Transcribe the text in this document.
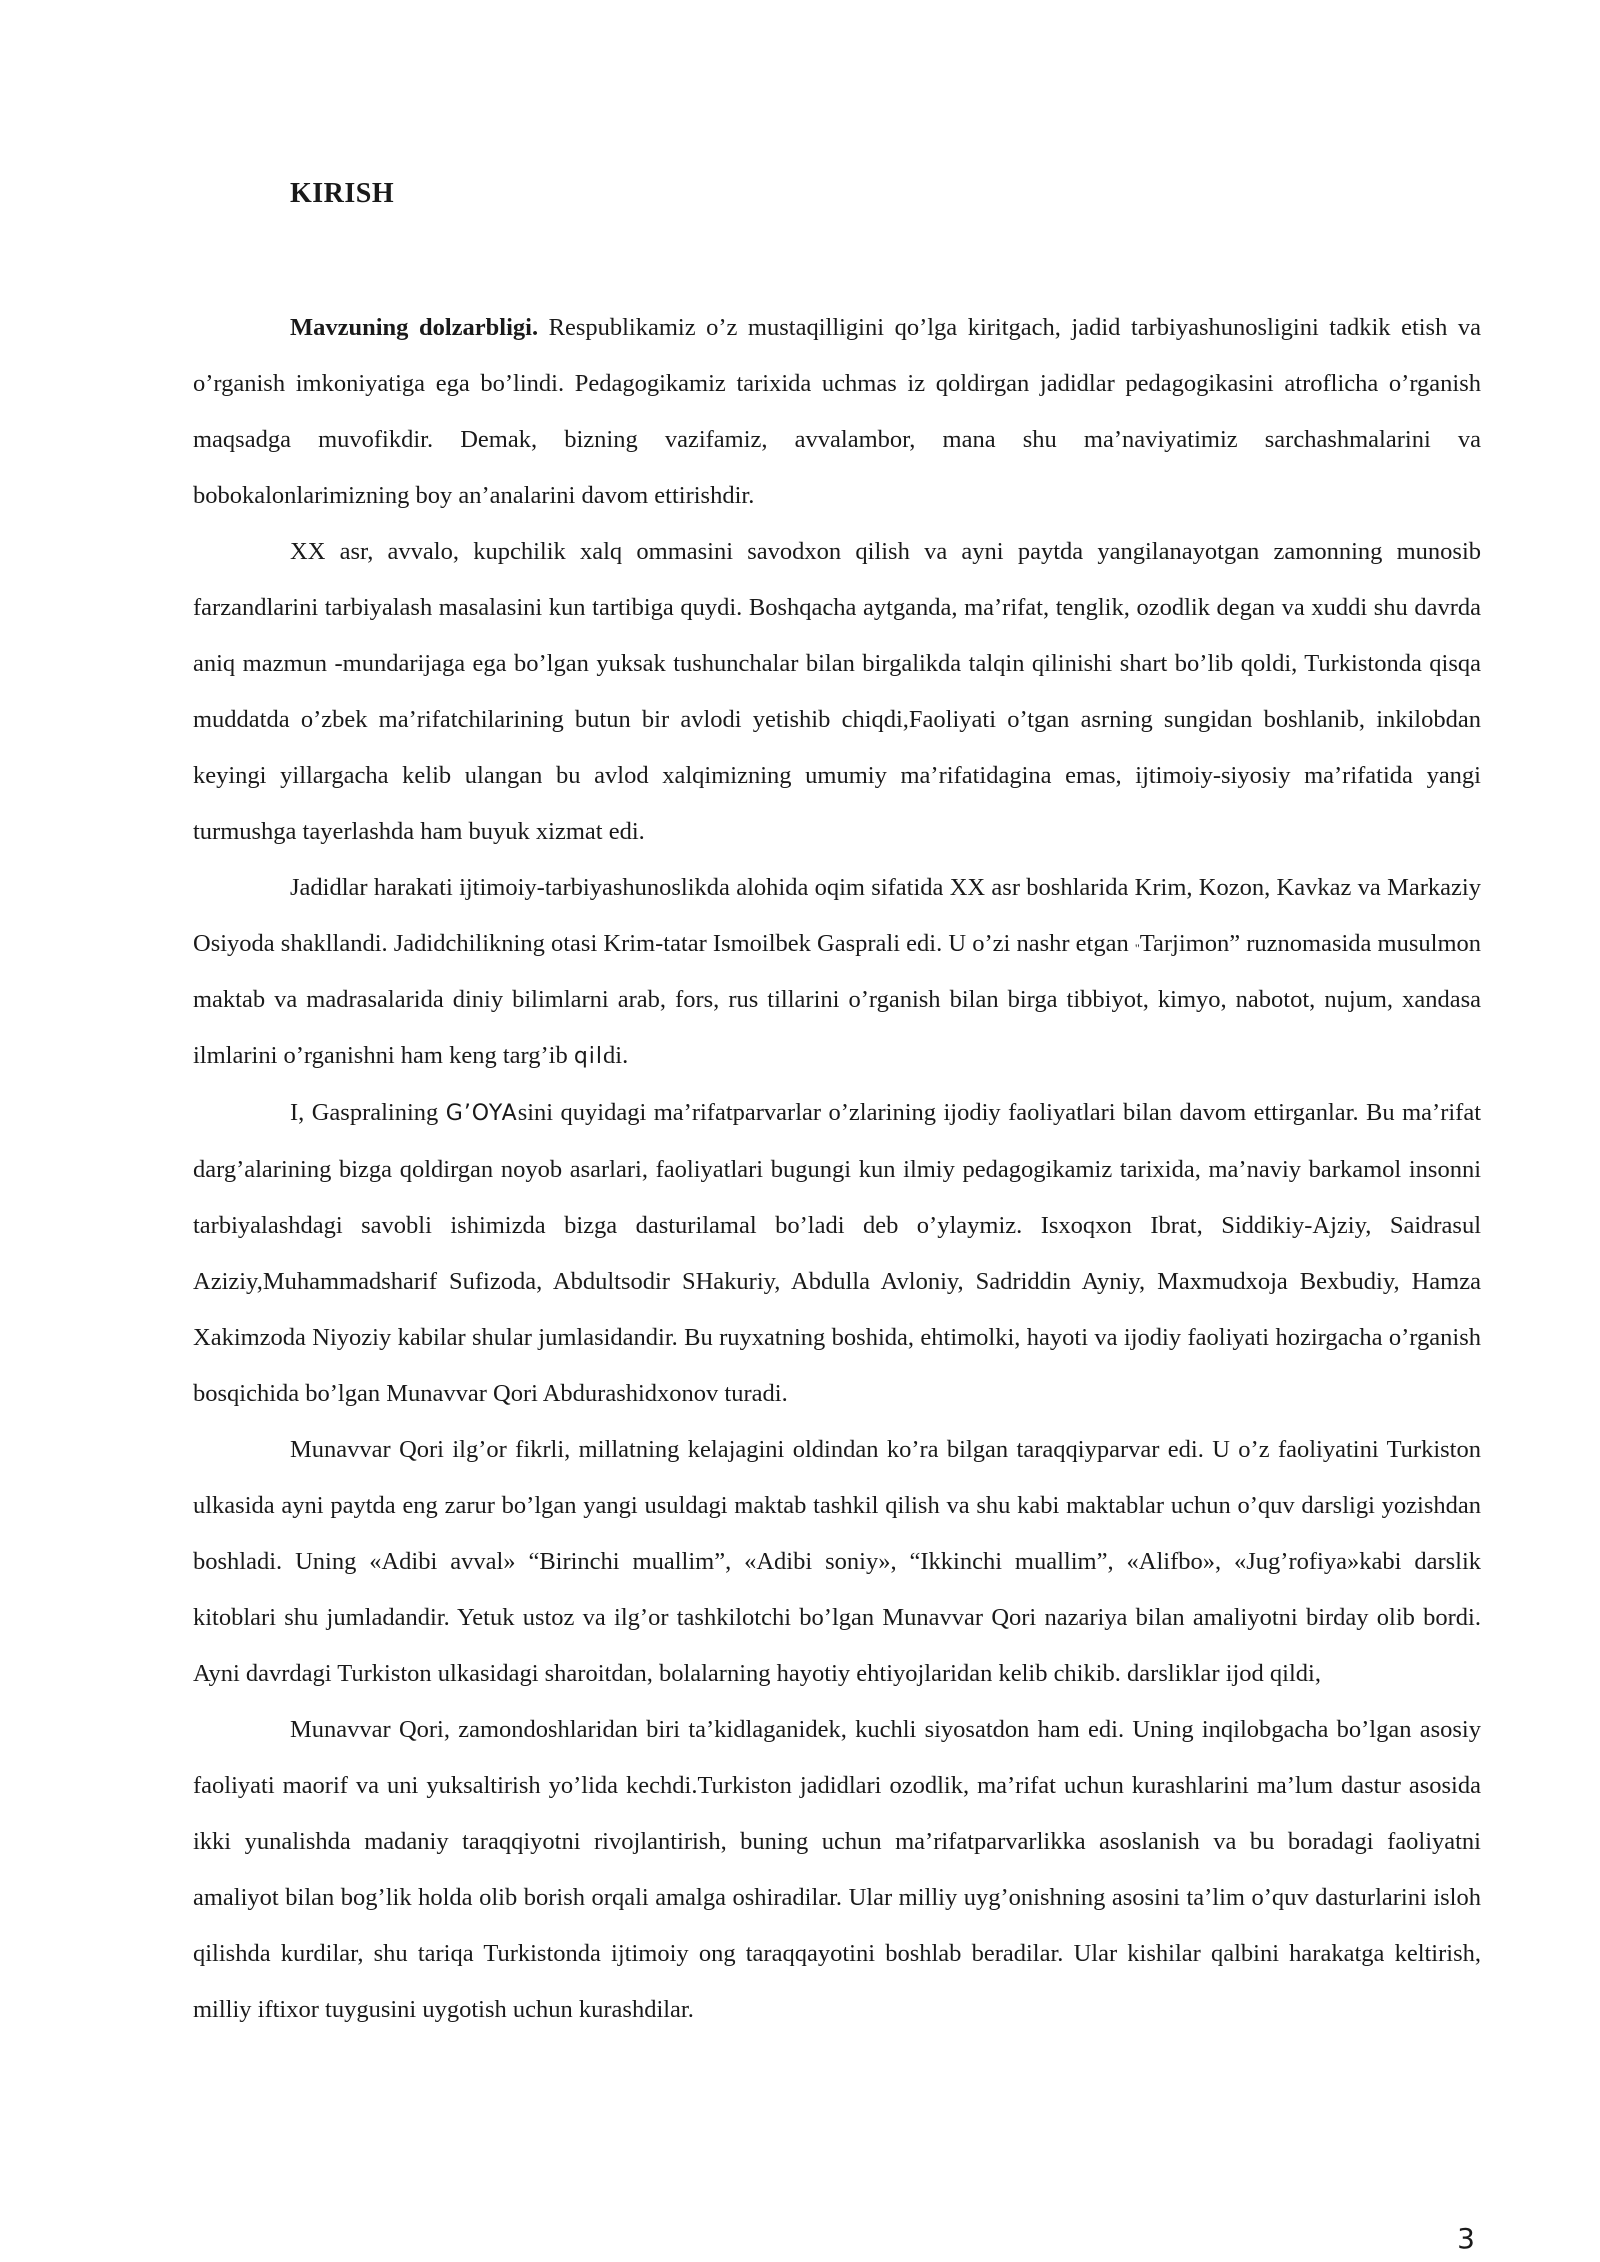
KIRISH

Mavzuning dolzarbligi. Respublikamiz o’z mustaqilligini qo’lga kiritgach, jadid tarbiyashunosligini tadkik etish va o’rganish imkoniyatiga ega bo’lindi. Pedagogikamiz tarixida uchmas iz qoldirgan jadidlar pedagogikasini atroflicha o’rganish maqsadga muvofikdir. Demak, bizning vazifamiz, avvalambor, mana shu ma’naviyatimiz sarchashmalarini va bobokalonlarimizning boy an’analarini davom ettirishdir.

XX asr, avvalo, kupchilik xalq ommasini savodxon qilish va ayni paytda yangilanayotgan zamonning munosib farzandlarini tarbiyalash masalasini kun tartibiga quydi. Boshqacha aytganda, ma’rifat, tenglik, ozodlik degan va xuddi shu davrda aniq mazmun -mundarijaga ega bo’lgan yuksak tushunchalar bilan birgalikda talqin qilinishi shart bo’lib qoldi, Turkistonda qisqa muddatda o’zbek ma’rifatchilarining butun bir avlodi yetishib chiqdi,Faoliyati o’tgan asrning sungidan boshlanib, inkilobdan keyingi yillargacha kelib ulangan bu avlod xalqimizning umumiy ma’rifatidagina emas, ijtimoiy-siyosiy ma’rifatida yangi turmushga tayerlashda ham buyuk xizmat edi.

Jadidlar harakati ijtimoiy-tarbiyashunoslikda alohida oqim sifatida XX asr boshlarida Krim, Kozon, Kavkaz va Markaziy Osiyoda shakllandi. Jadidchilikning otasi Krim-tatar Ismoilbek Gasprali edi. U o’zi nashr etgan "Tarjimon” ruznomasida musulmon maktab va madrasalarida diniy bilimlarni arab, fors, rus tillarini o’rganish bilan birga tibbiyot, kimyo, nabotot, nujum, xandasa ilmlarini o’rganishni ham keng targ’ib qildi.

I, Gaspralining G’OYAsini quyidagi ma’rifatparvarlar o’zlarining ijodiy faoliyatlari bilan davom ettirganlar. Bu ma’rifat darg’alarining bizga qoldirgan noyob asarlari, faoliyatlari bugungi kun ilmiy pedagogikamiz tarixida, ma’naviy barkamol insonni tarbiyalashdagi savobli ishimizda bizga dasturilamal bo’ladi deb o’ylaymiz. Isxoqxon Ibrat, Siddikiy-Ajziy, Saidrasul Aziziy,Muhammadsharif Sufizoda, Abdultsodir SHakuriy, Abdulla Avloniy, Sadriddin Ayniy, Maxmudxoja Bexbudiy, Hamza Xakimzoda Niyoziy kabilar shular jumlasidandir. Bu ruyxatning boshida, ehtimolki, hayoti va ijodiy faoliyati hozirgacha o’rganish bosqichida bo’lgan Munavvar Qori Abdurashidxonov turadi.

Munavvar Qori ilg’or fikrli, millatning kelajagini oldindan ko’ra bilgan taraqqiyparvar edi. U o’z faoliyatini Turkiston ulkasida ayni paytda eng zarur bo’lgan yangi usuldagi maktab tashkil qilish va shu kabi maktablar uchun o’quv darsligi yozishdan boshladi. Uning «Adibi avval» “Birinchi muallim”, «Adibi soniy», “Ikkinchi muallim”, «Alifbo», «Jug’rofiya»kabi darslik kitoblari shu jumladandir. Yetuk ustoz va ilg’or tashkilotchi bo’lgan Munavvar Qori nazariya bilan amaliyotni birday olib bordi. Ayni davrdagi Turkiston ulkasidagi sharoitdan, bolalarning hayotiy ehtiyojlaridan kelib chikib. darsliklar ijod qildi,

Munavvar Qori, zamondoshlaridan biri ta’kidlaganidek, kuchli siyosatdon ham edi. Uning inqilobgacha bo’lgan asosiy faoliyati maorif va uni yuksaltirish yo’lida kechdi.Turkiston jadidlari ozodlik, ma’rifat uchun kurashlarini ma’lum dastur asosida ikki yunalishda madaniy taraqqiyotni rivojlantirish, buning uchun ma’rifatparvarlikka asoslanish va bu boradagi faoliyatni amaliyot bilan bog’lik holda olib borish orqali amalga oshiradilar. Ular milliy uyg’onishning asosini ta’lim o’quv dasturlarini isloh qilishda kurdilar, shu tariqa Turkistonda ijtimoiy ong taraqqayotini boshlab beradilar. Ular kishilar qalbini harakatga keltirish, milliy iftixor tuygusini uygotish uchun kurashdilar.

3
